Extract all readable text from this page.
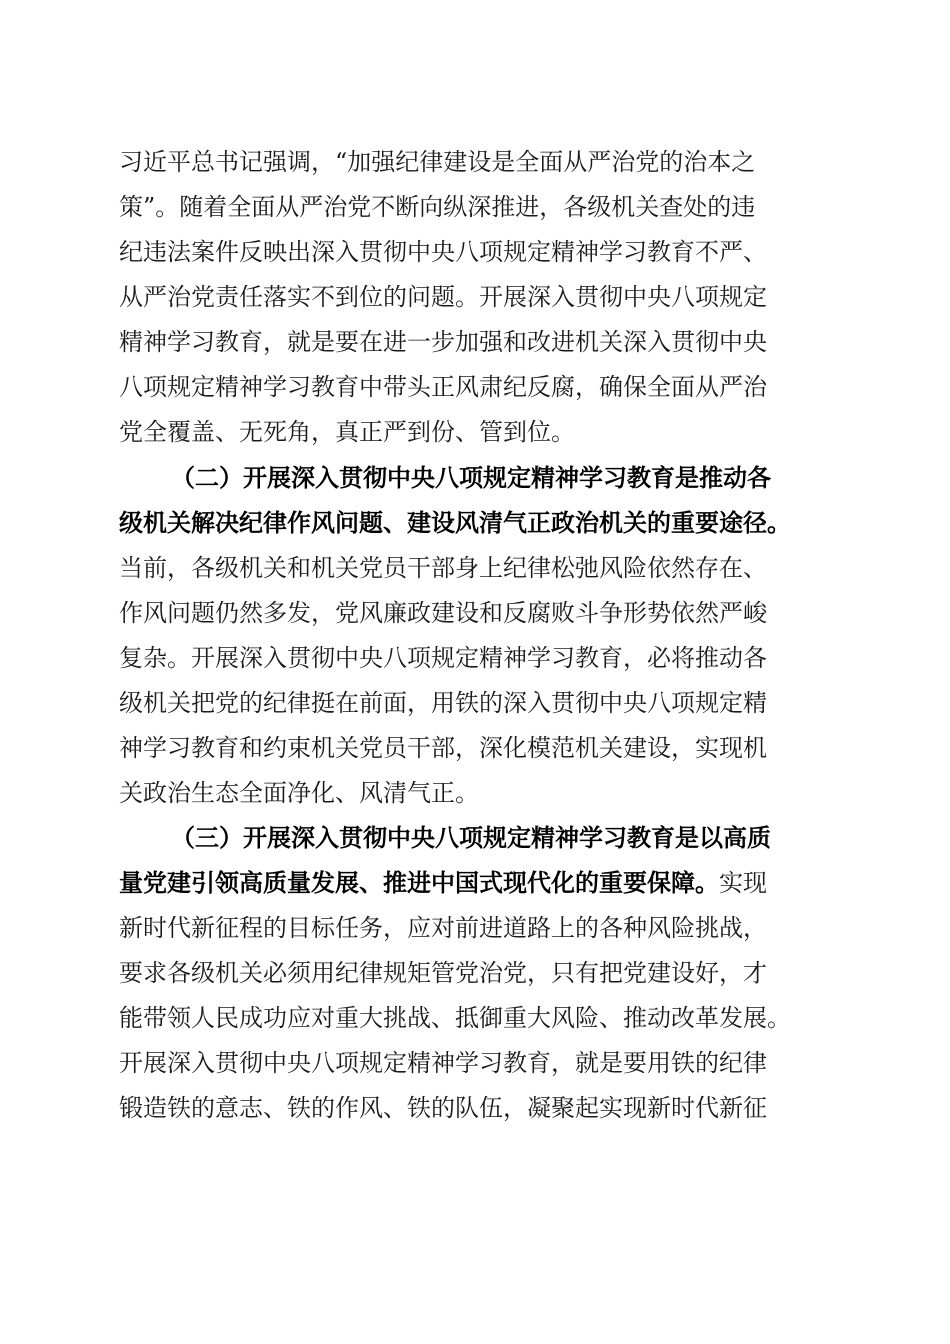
习近平总书记强调，“加强纪律建设是全面从严治党的治本之
策”。随着全面从严治党不断向纵深推进，各级机关查处的违
纪违法案件反映出深入贯彻中央八项规定精神学习教育不严、
从严治党责任落实不到位的问题。开展深入贯彻中央八项规定
精神学习教育，就是要在进一步加强和改进机关深入贯彻中央
八项规定精神学习教育中带头正风肃纪反腐，确保全面从严治
党全覆盖、无死角，真正严到份、管到位。
（二）开展深入贯彻中央八项规定精神学习教育是推动各
级机关解决纪律作风问题、建设风清气正政治机关的重要途径。
当前，各级机关和机关党员干部身上纪律松弛风险依然存在、
作风问题仍然多发，党风廉政建设和反腐败斗争形势依然严峻
复杂。开展深入贯彻中央八项规定精神学习教育，必将推动各
级机关把党的纪律挺在前面，用铁的深入贯彻中央八项规定精
神学习教育和约束机关党员干部，深化模范机关建设，实现机
关政治生态全面净化、风清气正。
（三）开展深入贯彻中央八项规定精神学习教育是以高质
量党建引领高质量发展、推进中国式现代化的重要保障。实现
新时代新征程的目标任务，应对前进道路上的各种风险挑战，
要求各级机关必须用纪律规矩管党治党，只有把党建设好，才
能带领人民成功应对重大挑战、抵御重大风险、推动改革发展。
开展深入贯彻中央八项规定精神学习教育，就是要用铁的纪律
锻造铁的意志、铁的作风、铁的队伍，凝聚起实现新时代新征
